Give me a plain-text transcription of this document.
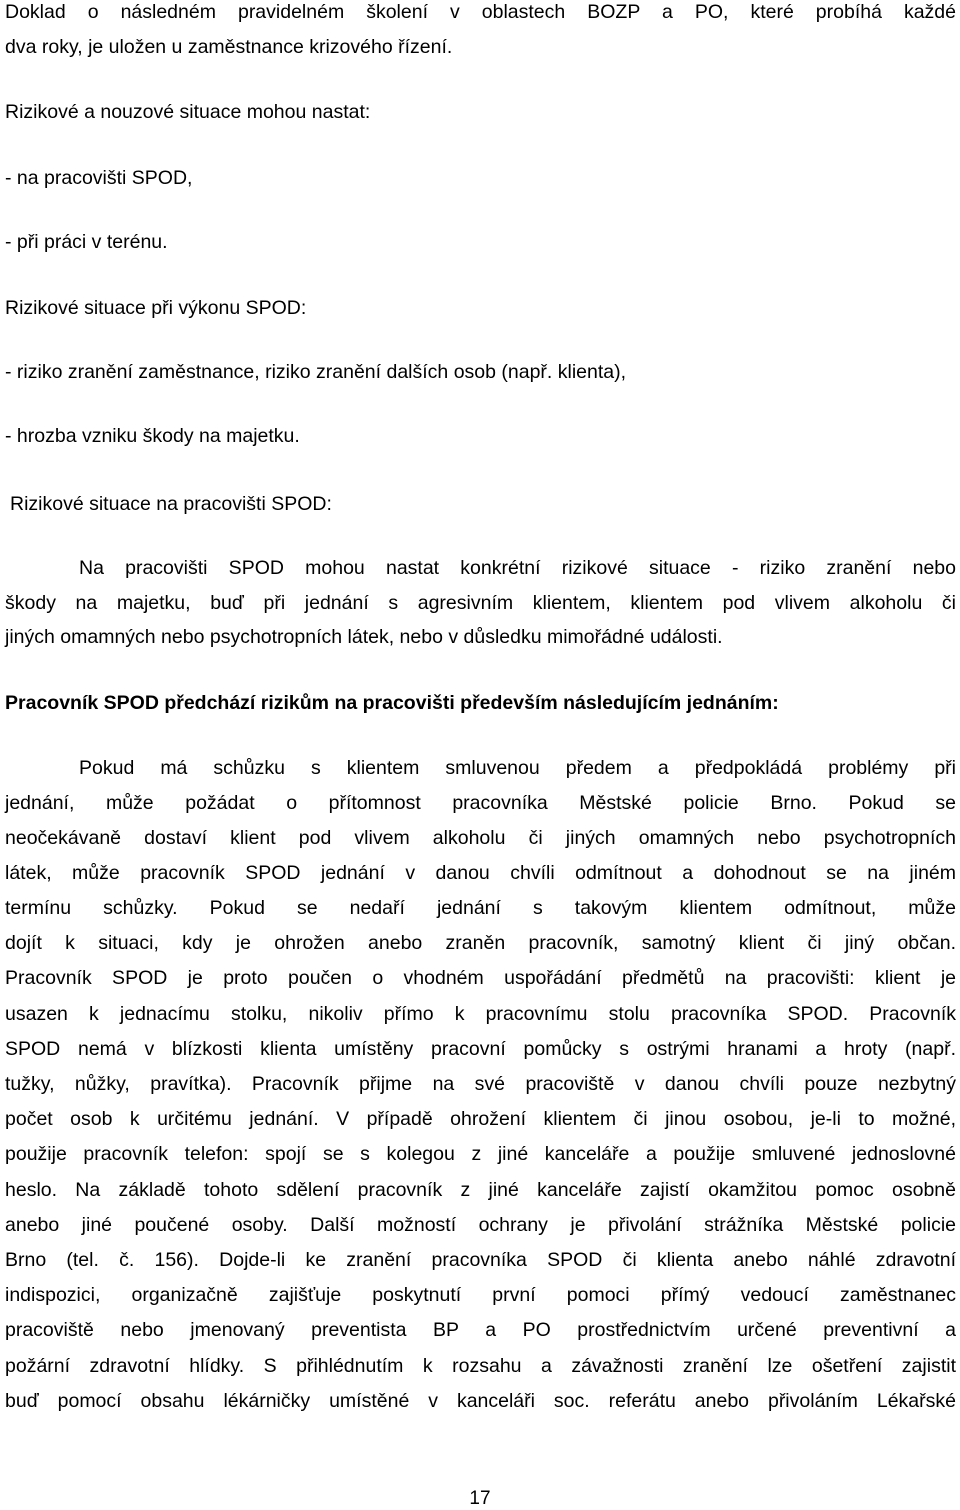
Doklad o následném pravidelném školení v oblastech BOZP a PO, které probíhá každé

dva roky, je uložen u zaměstnance krizového řízení.

Rizikové a nouzové situace mohou nastat:

- na pracovišti SPOD,

- při práci v terénu.

Rizikové situace při výkonu SPOD:

- riziko zranění zaměstnance, riziko zranění dalších osob (např. klienta),

- hrozba vzniku škody na majetku.

Rizikové situace na pracovišti SPOD:

Na pracovišti SPOD mohou nastat konkrétní rizikové situace - riziko zranění nebo

škody na majetku, buď při jednání s agresivním klientem, klientem pod vlivem alkoholu či

jiných omamných nebo psychotropních látek, nebo v důsledku mimořádné události.

Pracovník SPOD předchází rizikům na pracovišti především následujícím jednáním:

Pokud má schůzku s klientem smluvenou předem a předpokládá problémy při

jednání, může požádat o přítomnost pracovníka Městské policie Brno. Pokud se

neočekávaně dostaví klient pod vlivem alkoholu či jiných omamných nebo psychotropních

látek, může pracovník SPOD jednání v danou chvíli odmítnout a dohodnout se na jiném

termínu schůzky. Pokud se nedaří jednání s takovým klientem odmítnout, může

dojít k situaci, kdy je ohrožen anebo zraněn pracovník, samotný klient či jiný občan.

Pracovník SPOD je proto poučen o vhodném uspořádání předmětů na pracovišti: klient je

usazen k jednacímu stolku, nikoliv přímo k pracovnímu stolu pracovníka SPOD. Pracovník

SPOD nemá v blízkosti klienta umístěny pracovní pomůcky s ostrými hranami a hroty (např.

tužky, nůžky, pravítka). Pracovník přijme na své pracoviště v danou chvíli pouze nezbytný

počet osob k určitému jednání. V případě ohrožení klientem či jinou osobou, je-li to možné,

použije pracovník telefon: spojí se s kolegou z jiné kanceláře a použije smluvené jednoslovné

heslo. Na základě tohoto sdělení pracovník z jiné kanceláře zajistí okamžitou pomoc osobně

anebo jiné poučené osoby. Další možností ochrany je přivolání strážníka Městské policie

Brno (tel. č. 156). Dojde-li ke zranění pracovníka SPOD či klienta anebo náhlé zdravotní

indispozici, organizačně zajišťuje poskytnutí první pomoci přímý vedoucí zaměstnanec

pracoviště nebo jmenovaný preventista BP a PO prostřednictvím určené preventivní a

požární zdravotní hlídky. S přihlédnutím k rozsahu a závažnosti zranění lze ošetření zajistit

buď pomocí obsahu lékárničky umístěné v kanceláři soc. referátu anebo přivoláním Lékařské

17
